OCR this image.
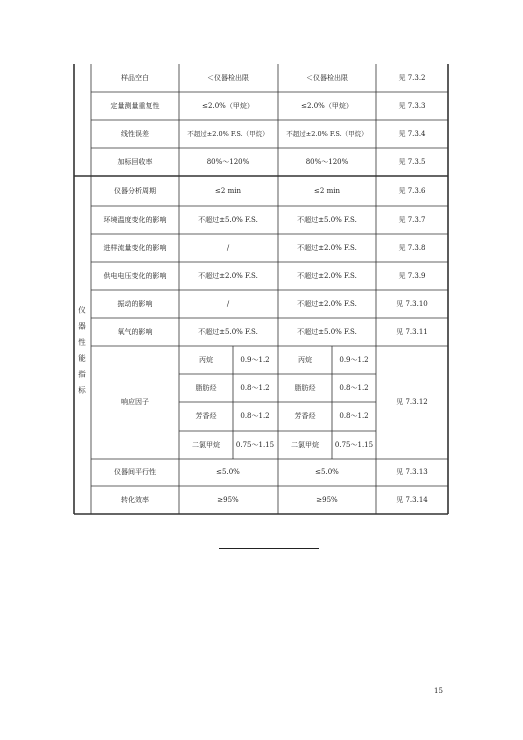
仪
器
性
能
指
标
样品空白	＜仪器检出限	＜仪器检出限	见 7.3.2
定量测量重复性	≤2.0%（甲烷）	≤2.0%（甲烷）	见 7.3.3
线性误差	不超过±2.0% F.S.（甲烷）	不超过±2.0% F.S.（甲烷）	见 7.3.4
加标回收率	80%～120%	80%～120%	见 7.3.5
仪器分析周期	≤2 min	≤2 min	见 7.3.6
环境温度变化的影响	不超过±5.0% F.S.	不超过±5.0% F.S.	见 7.3.7
进样流量变化的影响	/	不超过±2.0% F.S.	见 7.3.8
供电电压变化的影响	不超过±2.0% F.S.	不超过±2.0% F.S.	见 7.3.9
振动的影响	/	不超过±2.0% F.S.	见 7.3.10
氧气的影响	不超过±5.0% F.S.	不超过±5.0% F.S.	见 7.3.11
响应因子	见 7.3.12
丙烷	0.9～1.2	丙烷	0.9～1.2
脂肪烃	0.8～1.2	脂肪烃	0.8～1.2
芳香烃	0.8～1.2	芳香烃	0.8～1.2
二氯甲烷 0.75～1.15 二氯甲烷 0.75～1.15
仪器间平行性	≤5.0%	≤5.0%	见 7.3.13
转化效率	≥95%	≥95%	见 7.3.14
15
